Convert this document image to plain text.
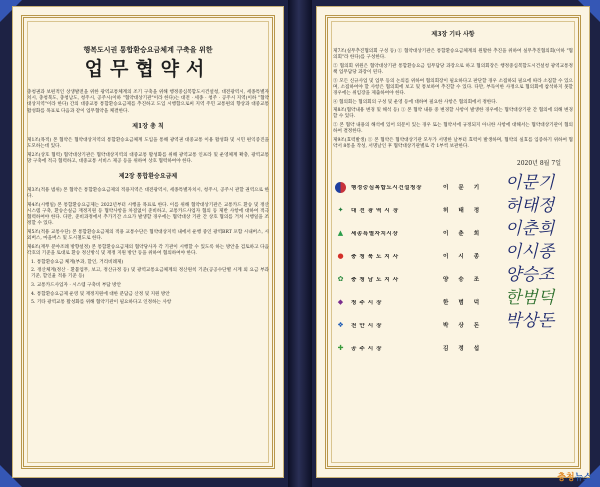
행복도시권 통합환승요금체계 구축을 위한
업무협약서

충청권과 보편적인 상생발전을 위한 광역교통체계의 조기 구축을 위해 행정중심복합도시건설청, 대전광역시, 세종특별자치시, 충청북도, 충청남도, 청주시, 공주시(이하 "협약대상기관"이라 한다)는 대전 · 세종 · 청주 · 공주시 지역(이하 "협약대상지역"이라 한다) 간의 대중교통 통합환승요금제를 추진하고 도입 시행함으로써 지역 주민 교통편의 향상과 대중교통 활성화를 목표로 다음과 같이 업무협약을 체결한다.

제1장 총 칙

제1조(목적) 본 협약은 협약대상지역의 통합환승요금체계 도입을 통해 광역권 대중교통 이용 활성화 및 시민 편익증진을 도모하는데 있다.

제2조(상호 협력) 협약대상기관은 협약대상지역의 대중교통 활성화를 위해 광역교통 인프라 및 운영체계 확충, 광역교통망 구축에 적극 협력하고, 대중교통 서비스 제공 등을 위하여 상호 협력하여야 한다.

제2장 통합환승요금제

제3조(적용 범위) 본 협약은 통합환승요금제의 적용지역은 대전광역시, 세종특별자치시, 청주시, 공주시 관할 권역으로 한다.

제4조(시행일) 본 통합환승요금제는 2022년부터 시행을 목표로 한다. 이를 위해 협약대상기관은 교통카드 환승 및 정산시스템 구축, 환승손실금 재정지원 등 협약사항을 차질없이 준비하고, 교통카드사업자 협의 등 제반 사항에 대하여 적극 협력하여야 한다. 다만, 준비과정에서 추가기간 소요가 발생할 경우에는 협약대상 기관 간 상호 협의를 거쳐 시행일을 조정할 수 있다.

제5조(적용 교통수단) 본 통합환승요금제의 적용 교통수단은 협약대상지역 내에서 운행 중인 광역BRT 포함 시내버스, 시외버스, 마을버스 및 도시철도로 한다.

제6조(재무 분야조례 방향설정) 본 통합환승요금제의 협약당사자 각 기관이 시행할 수 있도록 하는 방안을 검토하고 다음 각호의 기준을 토대로 환승 정산방식 및 재정 지원 방안 등을 위하여 협의하여야 한다.

1. 통합환승요금 체계(부과, 할인, 거리비례제)

2. 정산체계(정산 · 환불업무, 보고, 정산규정 등) 및 광역교통요금체계의 정산원칙 기준(공공수단별 시계 외 요금 부과기준, 할인율 적용 기준 등)

3. 교통카드사업자 · 시스템 구축비 부담 방안

4. 통합환승요금제 운영 및 재정지원에 대한 분담금 산정 및 지원 방안

5. 기타 광역교통 활성화를 위해 협약기관이 필요하다고 인정하는 사항

제3장 기타 사항

제7조(실무추진협의회 구성 등) ① 협약대상기관은 통합환승요금체계의 원활한 추진을 위하여 실무추진협의회(이하 "협의회"라 한다)를 구성한다.

② 협의회 위원은 협약대상기관 통합환승요금 업무담당 과장으로 하고 협의회장은 행정중심복합도시건설청 광역교통정책 업무담당 과장이 된다.

③ 모든 신규사업 및 업무 등의 논의를 위하여 협의회장이 필요하다고 판단할 경우 소집하되 필요에 따라 소집할 수 있으며, 소집하여야 할 사항은 협의회에 보고 및 통보하여 추진할 수 있다. 다만, 부득이한 사정으로 협의회에 참석하지 못할 경우에는 위임장을 제출하여야 한다.

④ 협의회는 협의회의 구성 및 운영 등에 대하여 필요한 사항은 협의회에서 정한다.

제8조(협약내용 변경 및 해석 등) ① 본 협약 내용 중 변경할 사항이 발생한 경우에는 협약대상기관 간 협의에 의해 변경할 수 있다.

② 본 협약 내용의 해석에 있어 의문이 있는 경우 또는 협약서에 규정되지 아니한 사항에 대해서는 협약대상기관이 협의하여 결정한다.

제9조(효력발생) ① 본 협약은 협약대상기관 모두가 서명한 날부터 효력이 발생하며, 협약의 실효를 입증하기 위하여 협약서 8통을 작성, 서명날인 후 협약대상기관별로 각 1부씩 보관한다.

2020년 8월 7일
행정중심복합도시건설청장	이문기 이문기
✦	대 전 광 역 시 장	허태정 허태정
▲	세종특별자치시장	이춘희 이춘희
●	충 청 북 도 지 사	이시종 이시종
✿	충 청 남 도 지 사	양승조 양승조
◆	청 주 시 장	한범덕 한범덕
❖	천 안 시 장	박상돈 박상돈
✚	공 주 시 장	김정섭
충청뉴스
